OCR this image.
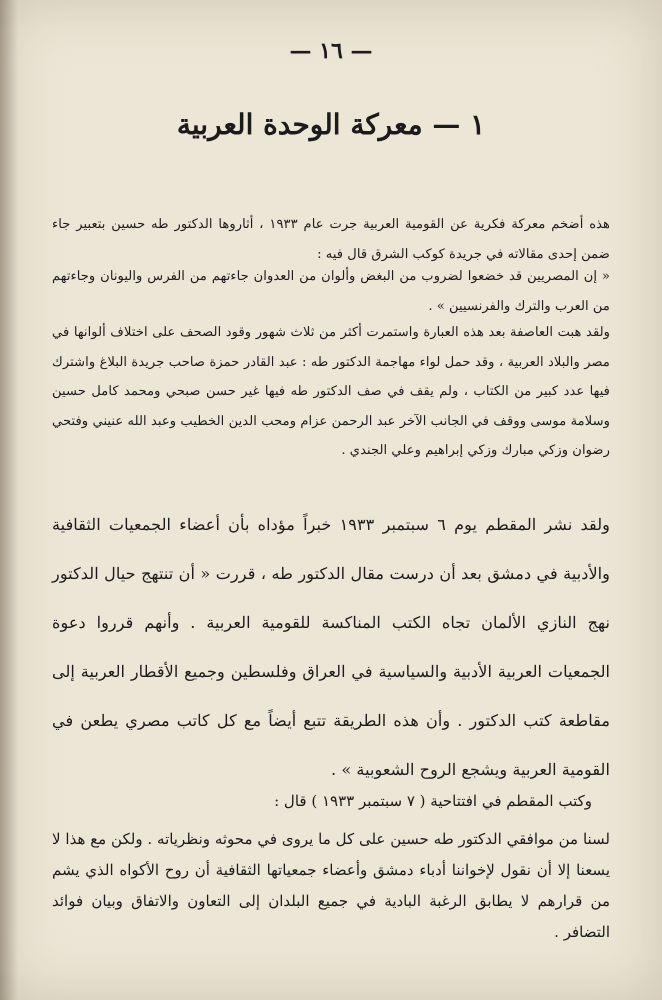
— ١٦ —
١ — معركة الوحدة العربية

هذه أضخم معركة فكرية عن القومية العربية جرت عام ١٩٣٣ ، أثاروها الدكتور طه حسين بتعبير جاء ضمن إحدى مقالاته في جريدة كوكب الشرق قال فيه :

« إن المصريين قد خضعوا لضروب من البغض وألوان من العدوان جاءتهم من الفرس واليونان وجاءتهم من العرب والترك والفرنسيين » .

ولقد هبت العاصفة بعد هذه العبارة واستمرت أكثر من ثلاث شهور وقود الصحف على اختلاف ألوانها في مصر والبلاد العربية ، وقد حمل لواء مهاجمة الدكتور طه : عبد القادر حمزة صاحب جريدة البلاغ واشترك فيها عدد كبير من الكتاب ، ولم يقف في صف الدكتور طه فيها غير حسن صبحي ومحمد كامل حسين وسلامة موسى ووقف في الجانب الآخر عبد الرحمن عزام ومحب الدين الخطيب وعبد الله عنيني وفتحي رضوان وزكي مبارك وزكي إبراهيم وعلي الجندي .

ولقد نشر المقطم يوم ٦ سبتمبر ١٩٣٣ خبراً مؤداه بأن أعضاء الجمعيات الثقافية والأدبية في دمشق بعد أن درست مقال الدكتور طه ، قررت « أن تنتهج حيال الدكتور نهج النازي الألمان تجاه الكتب المناكسة للقومية العربية . وأنهم قرروا دعوة الجمعيات العربية الأدبية والسياسية في العراق وفلسطين وجميع الأقطار العربية إلى مقاطعة كتب الدكتور . وأن هذه الطريقة تتبع أيضاً مع كل كاتب مصري يطعن في القومية العربية ويشجع الروح الشعوبية » .

وكتب المقطم في افتتاحية ( ٧ سبتمبر ١٩٣٣ ) قال :

لسنا من موافقي الدكتور طه حسين على كل ما يروى في محوثه ونظرياته . ولكن مع هذا لا يسعنا إلا أن نقول لإخواننا أدباء دمشق وأعضاء جمعياتها الثقافية أن روح الأكواه الذي يشم من قرارهم لا يطابق الرغبة البادية في جميع البلدان إلى التعاون والاتفاق وبيان فوائد التضافر .
